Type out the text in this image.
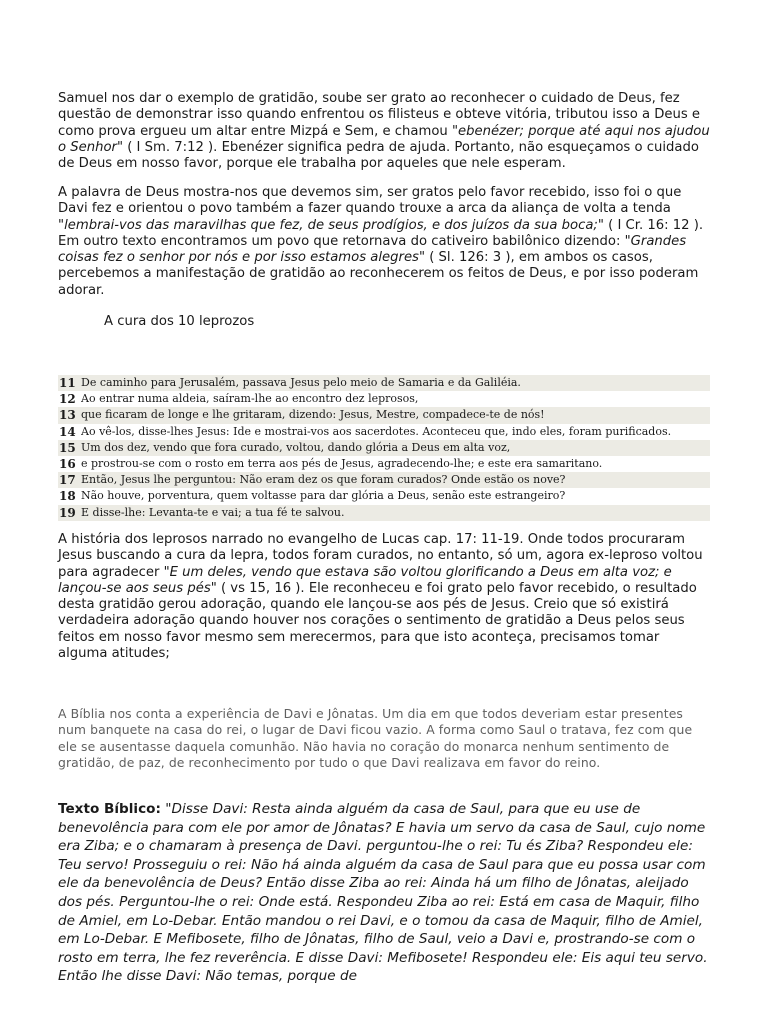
Samuel nos dar o exemplo de gratidão, soube ser grato ao reconhecer o cuidado de Deus, fez questão de demonstrar isso quando enfrentou os filisteus e obteve vitória, tributou isso a Deus e como prova ergueu um altar entre Mizpá e Sem, e chamou "ebenézer; porque até aqui nos ajudou o Senhor" ( I Sm. 7:12 ). Ebenézer significa pedra de ajuda. Portanto, não esqueçamos o cuidado de Deus em nosso favor, porque ele trabalha por aqueles que nele esperam.

A palavra de Deus mostra-nos que devemos sim, ser gratos pelo favor recebido, isso foi o que Davi fez e orientou o povo também a fazer quando trouxe a arca da aliança de volta a tenda "lembrai-vos das maravilhas que fez, de seus prodígios, e dos juízos da sua boca;" ( I Cr. 16: 12 ). Em outro texto encontramos um povo que retornava do cativeiro babilônico dizendo: "Grandes coisas fez o senhor por nós e por isso estamos alegres" ( Sl. 126: 3 ), em ambos os casos, percebemos a manifestação de gratidão ao reconhecerem os feitos de Deus, e por isso poderam adorar.

A cura dos 10 leprozos
11 De caminho para Jerusalém, passava Jesus pelo meio de Samaria e da Galiléia.
12 Ao entrar numa aldeia, saíram-lhe ao encontro dez leprosos,
13 que ficaram de longe e lhe gritaram, dizendo: Jesus, Mestre, compadece-te de nós!
14 Ao vê-los, disse-lhes Jesus: Ide e mostrai-vos aos sacerdotes. Aconteceu que, indo eles, foram purificados.
15 Um dos dez, vendo que fora curado, voltou, dando glória a Deus em alta voz,
16 e prostrou-se com o rosto em terra aos pés de Jesus, agradecendo-lhe; e este era samaritano.
17 Então, Jesus lhe perguntou: Não eram dez os que foram curados? Onde estão os nove?
18 Não houve, porventura, quem voltasse para dar glória a Deus, senão este estrangeiro?
19 E disse-lhe: Levanta-te e vai; a tua fé te salvou.

A história dos leprosos narrado no evangelho de Lucas cap. 17: 11-19. Onde todos procuraram Jesus buscando a cura da lepra, todos foram curados, no entanto, só um, agora ex-leproso voltou para agradecer "E um deles, vendo que estava são voltou glorificando a Deus em alta voz; e lançou-se aos seus pés" ( vs 15, 16 ). Ele reconheceu e foi grato pelo favor recebido, o resultado desta gratidão gerou adoração, quando ele lançou-se aos pés de Jesus. Creio que só existirá verdadeira adoração quando houver nos corações o sentimento de gratidão a Deus pelos seus feitos em nosso favor mesmo sem merecermos, para que isto aconteça, precisamos tomar alguma atitudes;

A Bíblia nos conta a experiência de Davi e Jônatas. Um dia em que todos deveriam estar presentes num banquete na casa do rei, o lugar de Davi ficou vazio. A forma como Saul o tratava, fez com que ele se ausentasse daquela comunhão. Não havia no coração do monarca nenhum sentimento de gratidão, de paz, de reconhecimento por tudo o que Davi realizava em favor do reino.

Texto Bíblico: "Disse Davi: Resta ainda alguém da casa de Saul, para que eu use de benevolência para com ele por amor de Jônatas? E havia um servo da casa de Saul, cujo nome era Ziba; e o chamaram à presença de Davi. perguntou-lhe o rei: Tu és Ziba? Respondeu ele: Teu servo! Prosseguiu o rei: Não há ainda alguém da casa de Saul para que eu possa usar com ele da benevolência de Deus? Então disse Ziba ao rei: Ainda há um filho de Jônatas, aleijado dos pés. Perguntou-lhe o rei: Onde está. Respondeu Ziba ao rei: Está em casa de Maquir, filho de Amiel, em Lo-Debar. Então mandou o rei Davi, e o tomou da casa de Maquir, filho de Amiel, em Lo-Debar. E Mefibosete, filho de Jônatas, filho de Saul, veio a Davi e, prostrando-se com o rosto em terra, lhe fez reverência. E disse Davi: Mefibosete! Respondeu ele: Eis aqui teu servo. Então lhe disse Davi: Não temas, porque de
